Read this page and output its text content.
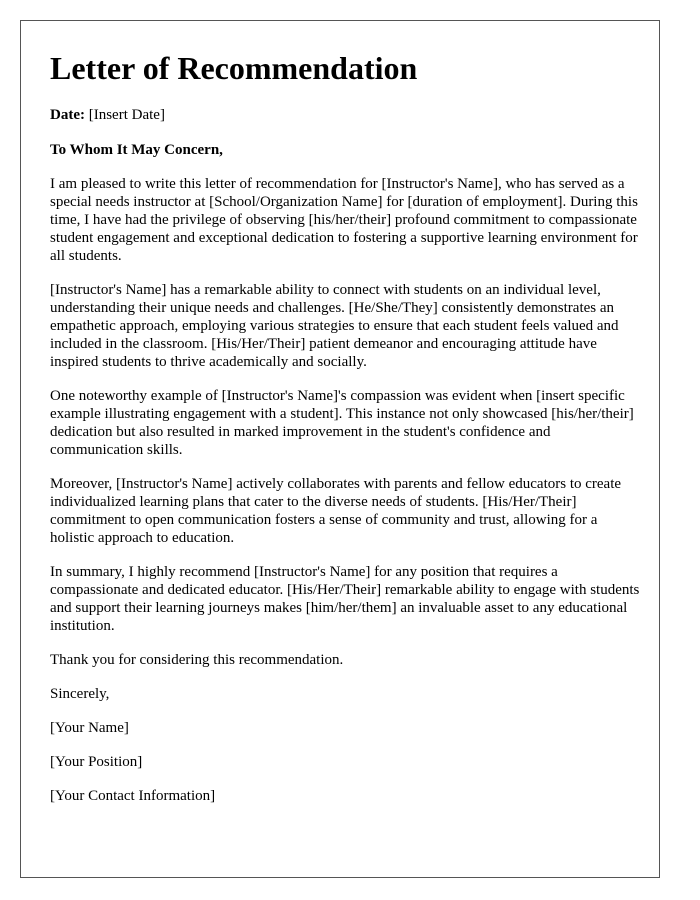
Letter of Recommendation
Date: [Insert Date]
To Whom It May Concern,

I am pleased to write this letter of recommendation for [Instructor's Name], who has served as a special needs instructor at [School/Organization Name] for [duration of employment]. During this time, I have had the privilege of observing [his/her/their] profound commitment to compassionate student engagement and exceptional dedication to fostering a supportive learning environment for all students.

[Instructor's Name] has a remarkable ability to connect with students on an individual level, understanding their unique needs and challenges. [He/She/They] consistently demonstrates an empathetic approach, employing various strategies to ensure that each student feels valued and included in the classroom. [His/Her/Their] patient demeanor and encouraging attitude have inspired students to thrive academically and socially.

One noteworthy example of [Instructor's Name]'s compassion was evident when [insert specific example illustrating engagement with a student]. This instance not only showcased [his/her/their] dedication but also resulted in marked improvement in the student's confidence and communication skills.

Moreover, [Instructor's Name] actively collaborates with parents and fellow educators to create individualized learning plans that cater to the diverse needs of students. [His/Her/Their] commitment to open communication fosters a sense of community and trust, allowing for a holistic approach to education.

In summary, I highly recommend [Instructor's Name] for any position that requires a compassionate and dedicated educator. [His/Her/Their] remarkable ability to engage with students and support their learning journeys makes [him/her/them] an invaluable asset to any educational institution.

Thank you for considering this recommendation.

Sincerely,

[Your Name]

[Your Position]

[Your Contact Information]
